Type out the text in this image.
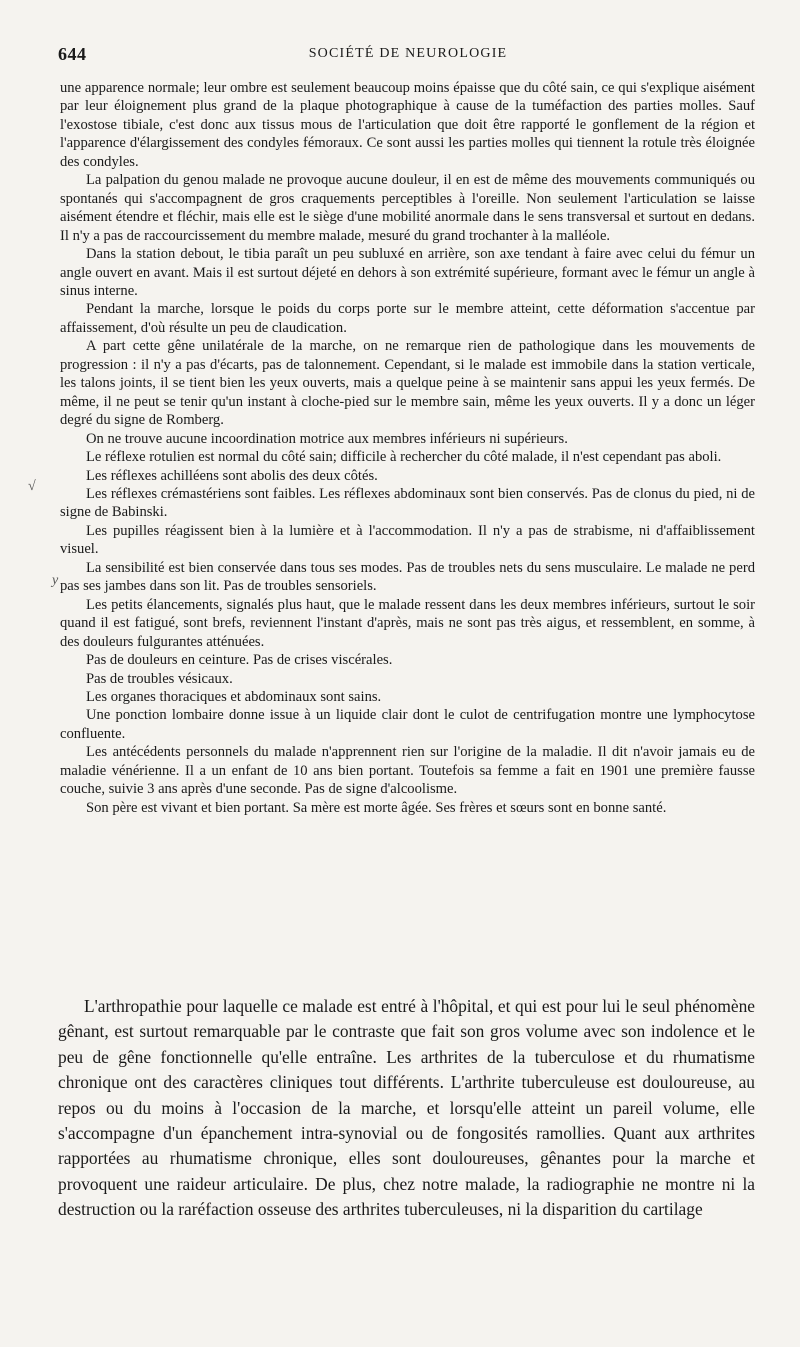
644	SOCIÉTÉ DE NEUROLOGIE

une apparence normale; leur ombre est seulement beaucoup moins épaisse que du côté sain, ce qui s'explique aisément par leur éloignement plus grand de la plaque photographique à cause de la tuméfaction des parties molles. Sauf l'exostose tibiale, c'est donc aux tissus mous de l'articulation que doit être rapporté le gonflement de la région et l'apparence d'élargissement des condyles fémoraux. Ce sont aussi les parties molles qui tiennent la rotule très éloignée des condyles.

La palpation du genou malade ne provoque aucune douleur, il en est de même des mouvements communiqués ou spontanés qui s'accompagnent de gros craquements perceptibles à l'oreille. Non seulement l'articulation se laisse aisément étendre et fléchir, mais elle est le siège d'une mobilité anormale dans le sens transversal et surtout en dedans. Il n'y a pas de raccourcissement du membre malade, mesuré du grand trochanter à la malléole.

Dans la station debout, le tibia paraît un peu subluxé en arrière, son axe tendant à faire avec celui du fémur un angle ouvert en avant. Mais il est surtout déjeté en dehors à son extrémité supérieure, formant avec le fémur un angle à sinus interne.

Pendant la marche, lorsque le poids du corps porte sur le membre atteint, cette déformation s'accentue par affaissement, d'où résulte un peu de claudication.

A part cette gêne unilatérale de la marche, on ne remarque rien de pathologique dans les mouvements de progression : il n'y a pas d'écarts, pas de talonnement. Cependant, si le malade est immobile dans la station verticale, les talons joints, il se tient bien les yeux ouverts, mais a quelque peine à se maintenir sans appui les yeux fermés. De même, il ne peut se tenir qu'un instant à cloche-pied sur le membre sain, même les yeux ouverts. Il y a donc un léger degré du signe de Romberg.

On ne trouve aucune incoordination motrice aux membres inférieurs ni supérieurs.

Le réflexe rotulien est normal du côté sain; difficile à rechercher du côté malade, il n'est cependant pas aboli.

Les réflexes achilléens sont abolis des deux côtés.

Les réflexes crémastériens sont faibles. Les réflexes abdominaux sont bien conservés. Pas de clonus du pied, ni de signe de Babinski.

Les pupilles réagissent bien à la lumière et à l'accommodation. Il n'y a pas de strabisme, ni d'affaiblissement visuel.

La sensibilité est bien conservée dans tous ses modes. Pas de troubles nets du sens musculaire. Le malade ne perd pas ses jambes dans son lit. Pas de troubles sensoriels.

Les petits élancements, signalés plus haut, que le malade ressent dans les deux membres inférieurs, surtout le soir quand il est fatigué, sont brefs, reviennent l'instant d'après, mais ne sont pas très aigus, et ressemblent, en somme, à des douleurs fulgurantes atténuées.

Pas de douleurs en ceinture. Pas de crises viscérales.

Pas de troubles vésicaux.

Les organes thoraciques et abdominaux sont sains.

Une ponction lombaire donne issue à un liquide clair dont le culot de centrifugation montre une lymphocytose confluente.

Les antécédents personnels du malade n'apprennent rien sur l'origine de la maladie. Il dit n'avoir jamais eu de maladie vénérienne. Il a un enfant de 10 ans bien portant. Toutefois sa femme a fait en 1901 une première fausse couche, suivie 3 ans après d'une seconde. Pas de signe d'alcoolisme.

Son père est vivant et bien portant. Sa mère est morte âgée. Ses frères et sœurs sont en bonne santé.

L'arthropathie pour laquelle ce malade est entré à l'hôpital, et qui est pour lui le seul phénomène gênant, est surtout remarquable par le contraste que fait son gros volume avec son indolence et le peu de gêne fonctionnelle qu'elle entraîne. Les arthrites de la tuberculose et du rhumatisme chronique ont des caractères cliniques tout différents. L'arthrite tuberculeuse est douloureuse, au repos ou du moins à l'occasion de la marche, et lorsqu'elle atteint un pareil volume, elle s'accompagne d'un épanchement intra-synovial ou de fongosités ramollies. Quant aux arthrites rapportées au rhumatisme chronique, elles sont douloureuses, gênantes pour la marche et provoquent une raideur articulaire. De plus, chez notre malade, la radiographie ne montre ni la destruction ou la raréfaction osseuse des arthrites tuberculeuses, ni la disparition du cartilage

√
y
